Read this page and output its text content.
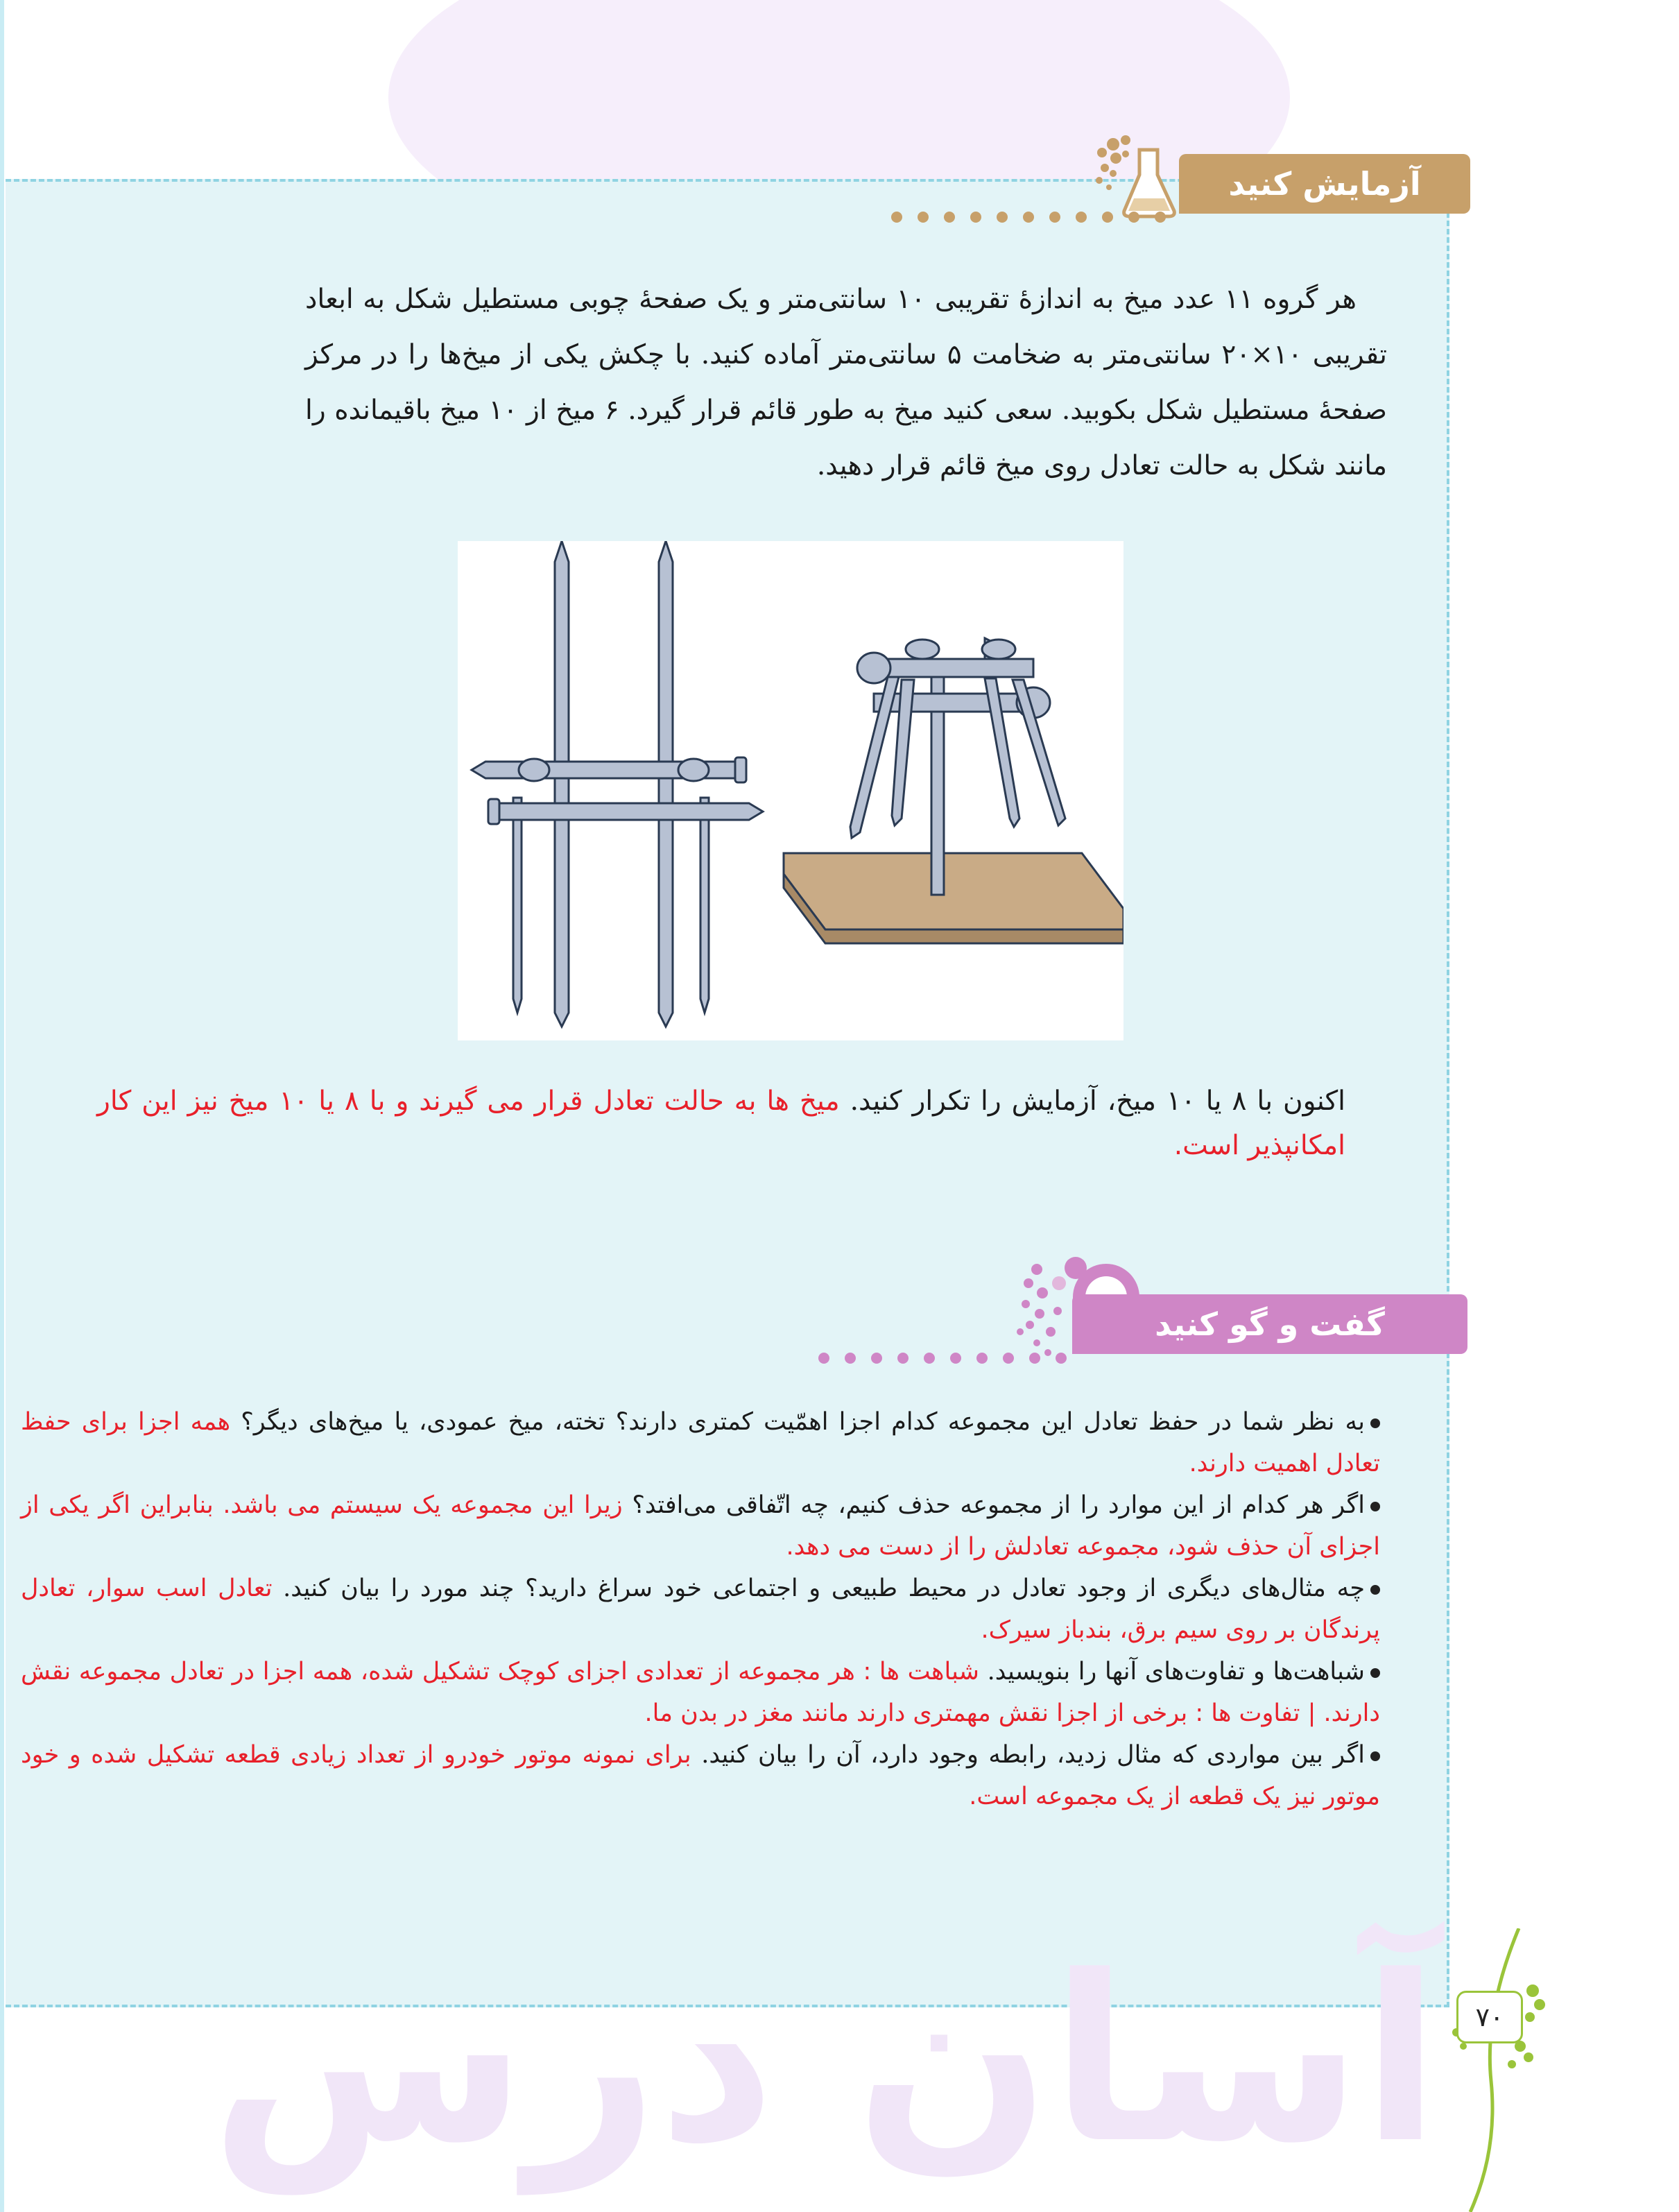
آسان درس
آزمایش کنید
هر گروه ۱۱ عدد میخ به اندازهٔ تقریبی ۱۰ سانتی‌متر و یک صفحهٔ چوبی مستطیل شکل به ابعاد تقریبی ۱۰×۲۰ سانتی‌متر به ضخامت ۵ سانتی‌متر آماده کنید. با چکش یکی از میخ‌ها را در مرکز صفحهٔ مستطیل شکل بکوبید. سعی کنید میخ به طور قائم قرار گیرد. ۶ میخ از ۱۰ میخ باقیمانده را مانند شکل به حالت تعادل روی میخ قائم قرار دهید.
اکنون با ۸ یا ۱۰ میخ، آزمایش را تکرار کنید. میخ ها به حالت تعادل قرار می گیرند و با ۸ یا ۱۰ میخ نیز این کار امکانپذیر است.
گفت و گو کنید
به نظر شما در حفظ تعادل این مجموعه کدام اجزا اهمّیت کمتری دارند؟ تخته، میخ عمودی، یا میخ‌های دیگر؟ همه اجزا برای حفظ تعادل اهمیت دارند.
اگر هر کدام از این موارد را از مجموعه حذف کنیم، چه اتّفاقی می‌افتد؟ زیرا این مجموعه یک سیستم می باشد. بنابراین اگر یکی از اجزای آن حذف شود، مجموعه تعادلش را از دست می دهد.
چه مثال‌های دیگری از وجود تعادل در محیط طبیعی و اجتماعی خود سراغ دارید؟ چند مورد را بیان کنید. تعادل اسب سوار، تعادل پرندگان بر روی سیم برق، بندباز سیرک.
شباهت‌ها و تفاوت‌های آنها را بنویسید. شباهت ها : هر مجموعه از تعدادی اجزای کوچک تشکیل شده، همه اجزا در تعادل مجموعه نقش دارند. | تفاوت ها : برخی از اجزا نقش مهمتری دارند مانند مغز در بدن ما.
اگر بین مواردی که مثال زدید، رابطه وجود دارد، آن را بیان کنید. برای نمونه موتور خودرو از تعداد زیادی قطعه تشکیل شده و خود موتور نیز یک قطعه از یک مجموعه است.
۷۰
